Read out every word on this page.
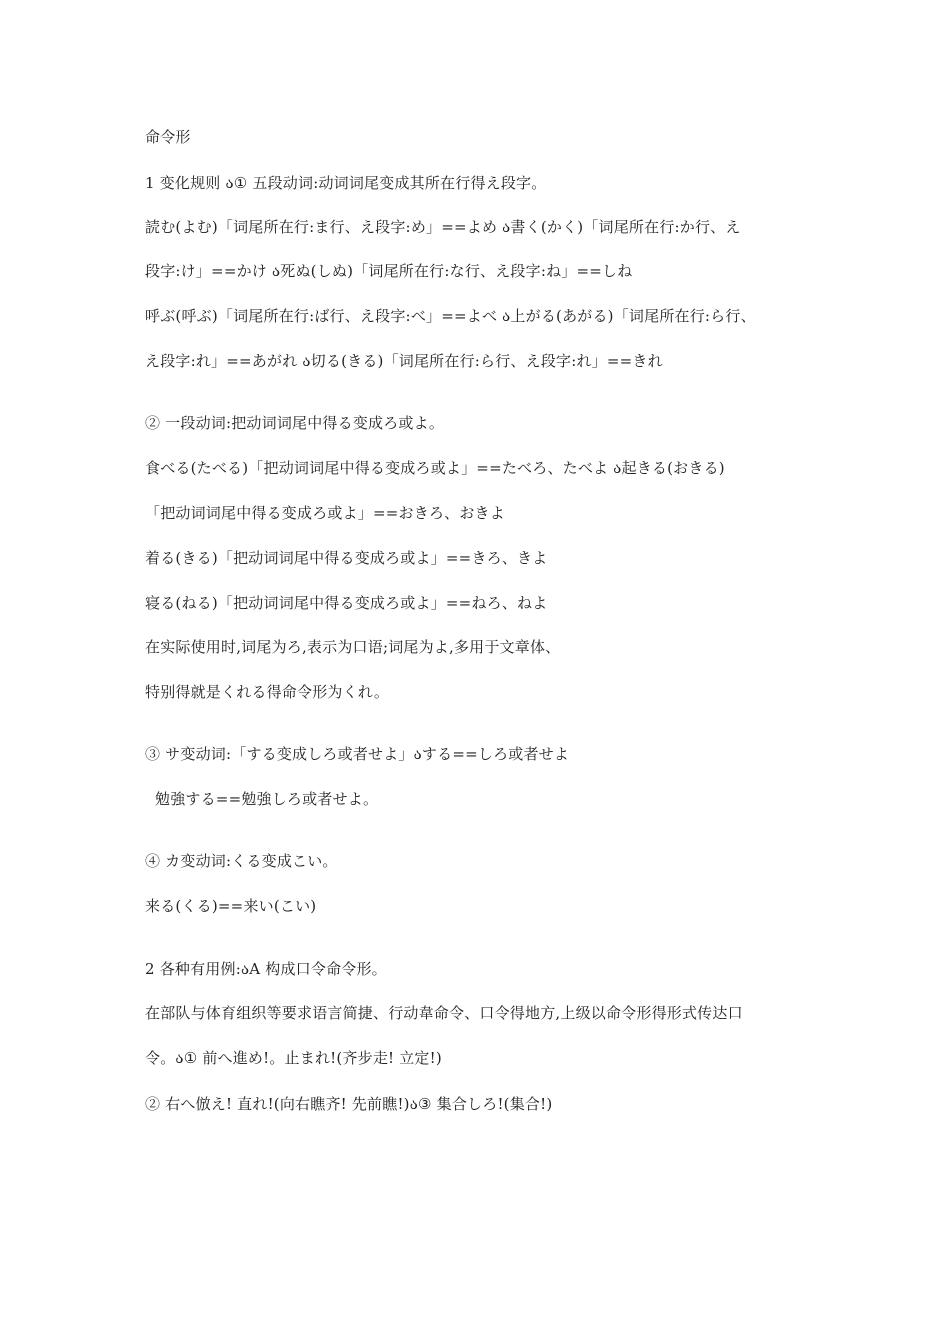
命令形
1 变化规则 ა① 五段动词:动词词尾变成其所在行得え段字。
読む(よむ)「词尾所在行:ま行、え段字:め」==よめ ა書く(かく)「词尾所在行:か行、え
段字:け」==かけ ა死ぬ(しぬ)「词尾所在行:な行、え段字:ね」==しね
呼ぶ(呼ぶ)「词尾所在行:ば行、え段字:べ」==よべ ა上がる(あがる)「词尾所在行:ら行、
え段字:れ」==あがれ ა切る(きる)「词尾所在行:ら行、え段字:れ」==きれ
② 一段动词:把动词词尾中得る变成ろ或よ。
食べる(たべる)「把动词词尾中得る变成ろ或よ」==たべろ、たべよ ა起きる(おきる)
「把动词词尾中得る变成ろ或よ」==おきろ、おきよ
着る(きる)「把动词词尾中得る变成ろ或よ」==きろ、きよ
寝る(ねる)「把动词词尾中得る变成ろ或よ」==ねろ、ねよ
在实际使用时,词尾为ろ,表示为口语;词尾为よ,多用于文章体、
特别得就是くれる得命令形为くれ。
③ サ变动词:「する变成しろ或者せよ」აする==しろ或者せよ
勉強する==勉強しろ或者せよ。
④ カ变动词:くる变成こい。
来る(くる)==来い(こい)
2 各种有用例:აA 构成口令命令形。
在部队与体育组织等要求语言简捷、行动韋命令、口令得地方,上级以命令形得形式传达口
令。ა① 前へ進め!。止まれ!(齐步走! 立定!)
② 右へ倣え! 直れ!(向右瞧齐! 先前瞧!)ა③ 集合しろ!(集合!)
